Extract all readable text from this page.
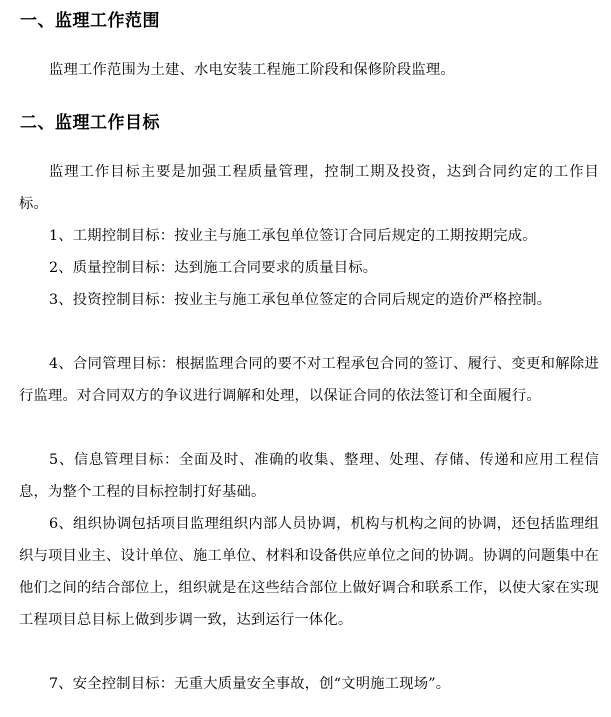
一、监理工作范围

监理工作范围为土建、水电安装工程施工阶段和保修阶段监理。

二、监理工作目标

监理工作目标主要是加强工程质量管理，控制工期及投资，达到合同约定的工作目标。

1、工期控制目标：按业主与施工承包单位签订合同后规定的工期按期完成。

2、质量控制目标：达到施工合同要求的质量目标。

3、投资控制目标：按业主与施工承包单位签定的合同后规定的造价严格控制。

4、合同管理目标：根据监理合同的要不对工程承包合同的签订、履行、变更和解除进行监理。对合同双方的争议进行调解和处理，以保证合同的依法签订和全面履行。

5、信息管理目标：全面及时、准确的收集、整理、处理、存储、传递和应用工程信息，为整个工程的目标控制打好基础。

6、组织协调包括项目监理组织内部人员协调，机构与机构之间的协调，还包括监理组织与项目业主、设计单位、施工单位、材料和设备供应单位之间的协调。协调的问题集中在他们之间的结合部位上，组织就是在这些结合部位上做好调合和联系工作，以使大家在实现工程项目总目标上做到步调一致，达到运行一体化。

7、安全控制目标：无重大质量安全事故，创“文明施工现场”。
